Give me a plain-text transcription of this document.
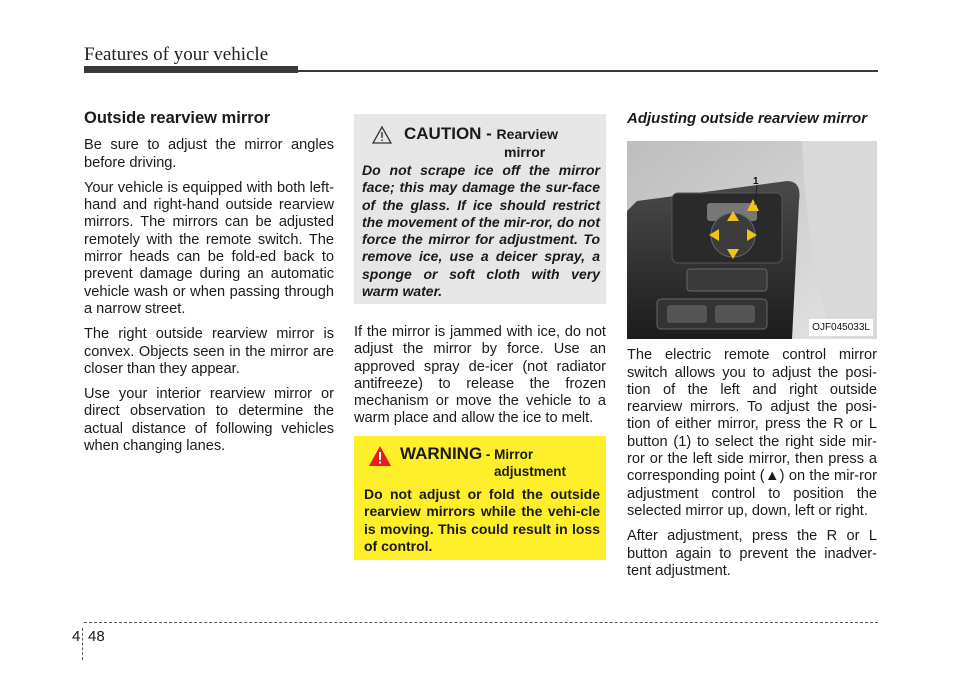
Features of your vehicle
Outside rearview mirror

Be sure to adjust the mirror angles before driving.

Your vehicle is equipped with both left-hand and right-hand outside rearview mirrors. The mirrors can be adjusted remotely with the remote switch. The mirror heads can be fold-ed back to prevent damage during an automatic vehicle wash or when passing through a narrow street.

The right outside rearview mirror is convex. Objects seen in the mirror are closer than they appear.

Use your interior rearview mirror or direct observation to determine the actual distance of following vehicles when changing lanes.

CAUTION - Rearview
mirror
Do not scrape ice off the mirror face; this may damage the sur-face of the glass. If ice should restrict the movement of the mir-ror, do not force the mirror for adjustment. To remove ice, use a deicer spray, a sponge or soft cloth with very warm water.
If the mirror is jammed with ice, do not adjust the mirror by force. Use an approved spray de-icer (not radiator antifreeze) to release the frozen mechanism or move the vehicle to a warm place and allow the ice to melt.
WARNING - Mirror
adjustment
Do not adjust or fold the outside rearview mirrors while the vehi-cle is moving. This could result in loss of control.
Adjusting outside rearview mirror
1
OJF045033L

The electric remote control mirror switch allows you to adjust the posi-tion of the left and right outside rearview mirrors. To adjust the posi-tion of either mirror, press the R or L button (1) to select the right side mir-ror or the left side mirror, then press a corresponding point (▲) on the mir-ror adjustment control to position the selected mirror up, down, left or right.

After adjustment, press the R or L button again to prevent the inadver-tent adjustment.

4 48
